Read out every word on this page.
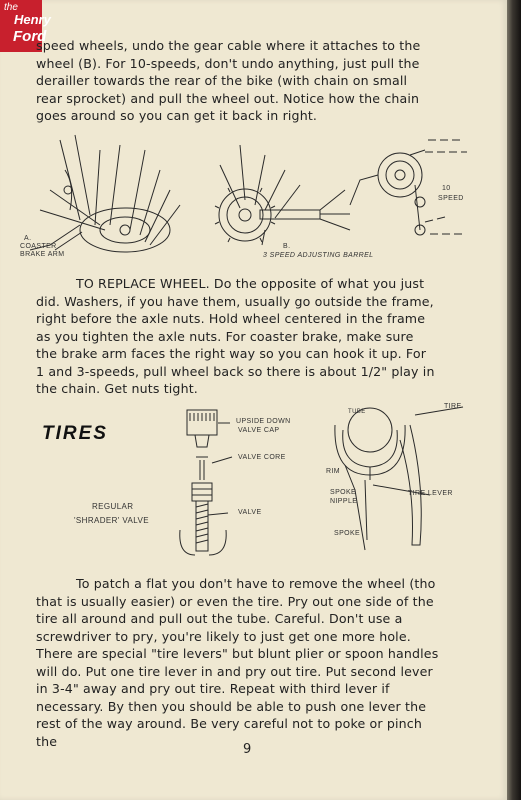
the
Henry
Ford

speed wheels, undo the gear cable where it attaches to the wheel (B). For 10-speeds, don't undo anything, just pull the derailler towards the rear of the bike (with chain on small rear sprocket) and pull the wheel out. Notice how the chain goes around so you can get it back in right.

A.
COASTER
BRAKE ARM
B.
3 SPEED ADJUSTING BARREL
10
SPEED

TO REPLACE WHEEL. Do the opposite of what you just did. Washers, if you have them, usually go outside the frame, right before the axle nuts. Hold wheel centered in the frame as you tighten the axle nuts. For coaster brake, make sure the brake arm faces the right way so you can hook it up. For 1 and 3-speeds, pull wheel back so there is about 1/2" play in the chain. Get nuts tight.

TIRES
UPSIDE DOWN
VALVE CAP
VALVE CORE
VALVE
REGULAR
'SHRADER' VALVE
TUBE
TIRE
RIM
SPOKE
NIPPLE
TIRE LEVER
SPOKE

To patch a flat you don't have to remove the wheel (tho that is usually easier) or even the tire. Pry out one side of the tire all around and pull out the tube. Careful. Don't use a screwdriver to pry, you're likely to just get one more hole. There are special "tire levers" but blunt plier or spoon handles will do. Put one tire lever in and pry out tire. Put second lever in 3-4" away and pry out tire. Repeat with third lever if necessary. By then you should be able to push one lever the rest of the way around. Be very careful not to poke or pinch the

9
